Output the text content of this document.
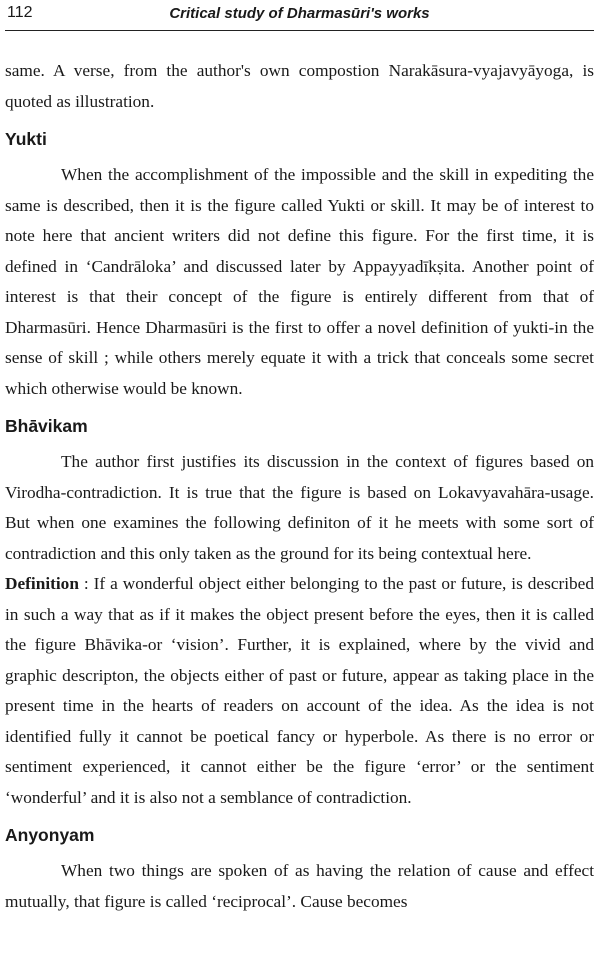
112	Critical study of Dharmasūri's works

same. A verse, from the author's own compostion Narakāsura-vyajavyāyoga, is quoted as illustration.

Yukti

When the accomplishment of the impossible and the skill in expediting the same is described, then it is the figure called Yukti or skill. It may be of interest to note here that ancient writers did not define this figure. For the first time, it is defined in ‘Candrāloka’ and discussed later by Appayyadīkṣita. Another point of interest is that their concept of the figure is entirely different from that of Dharmasūri. Hence Dharmasūri is the first to offer a novel definition of yukti-in the sense of skill ; while others merely equate it with a trick that conceals some secret which otherwise would be known.

Bhāvikam

The author first justifies its discussion in the context of figures based on Virodha-contradiction. It is true that the figure is based on Lokavyavahāra-usage. But when one examines the following definiton of it he meets with some sort of contradiction and this only taken as the ground for its being contextual here.

Definition : If a wonderful object either belonging to the past or future, is described in such a way that as if it makes the object present before the eyes, then it is called the figure Bhāvika-or ‘vision’. Further, it is explained, where by the vivid and graphic descripton, the objects either of past or future, appear as taking place in the present time in the hearts of readers on account of the idea. As the idea is not identified fully it cannot be poetical fancy or hyperbole. As there is no error or sentiment experienced, it cannot either be the figure ‘error’ or the sentiment ‘wonderful’ and it is also not a semblance of contradiction.

Anyonyam

When two things are spoken of as having the relation of cause and effect mutually, that figure is called ‘reciprocal’. Cause becomes
